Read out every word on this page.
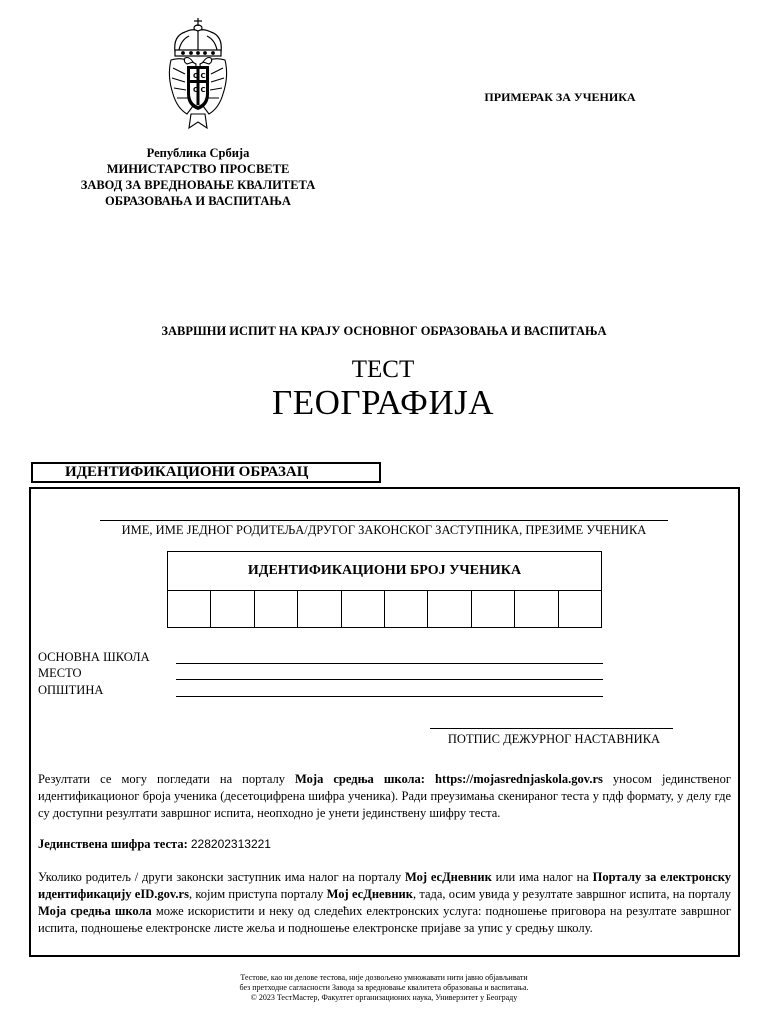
C C
C C
Република Србија
МИНИСТАРСТВО ПРОСВЕТЕ
ЗАВОД ЗА ВРЕДНОВАЊЕ КВАЛИТЕТА
ОБРАЗОВАЊА И ВАСПИТАЊА
ПРИМЕРАК ЗА УЧЕНИКА
ЗАВРШНИ ИСПИТ НА КРАЈУ ОСНОВНОГ ОБРАЗОВАЊА И ВАСПИТАЊА
ТЕСТ
ГЕОГРАФИЈА
ИДЕНТИФИКАЦИОНИ ОБРАЗАЦ
ИМЕ, ИМЕ ЈЕДНОГ РОДИТЕЉА/ДРУГОГ ЗАКОНСКОГ ЗАСТУПНИКА, ПРЕЗИМЕ УЧЕНИКА
ИДЕНТИФИКАЦИОНИ БРОЈ УЧЕНИКА
ОСНОВНА ШКОЛА
МЕСТО
ОПШТИНА
ПОТПИС ДЕЖУРНОГ НАСТАВНИКА
Резултати се могу погледати на порталу Моја средња школа: https://mojasrednjaskola.gov.rs уносом јединственог идентификационог броја ученика (десетоцифрена шифра ученика). Ради преузимања скенираног теста у пдф формату, у делу где су доступни резултати завршног испита, неопходно је унети јединствену шифру теста.
Јединствена шифра теста: 228202313221
Уколико родитељ / други законски заступник има налог на порталу Мој есДневник или има налог на Порталу за електронску идентификацију eID.gov.rs, којим приступа порталу Мој есДневник, тада, осим увида у резултате завршног испита, на порталу Моја средња школа може искористити и неку од следећих електронских услуга: подношење приговора на резултате завршног испита, подношење електронске листе жеља и подношење електронске пријаве за упис у средњу школу.
Тестове, као ни делове тестова, није дозвољено умножавати нити јавно објављивати
без претходне сагласности Завода за вредновање квалитета образовања и васпитања.
© 2023 ТестМастер, Факултет организационих наука, Универзитет у Београду
